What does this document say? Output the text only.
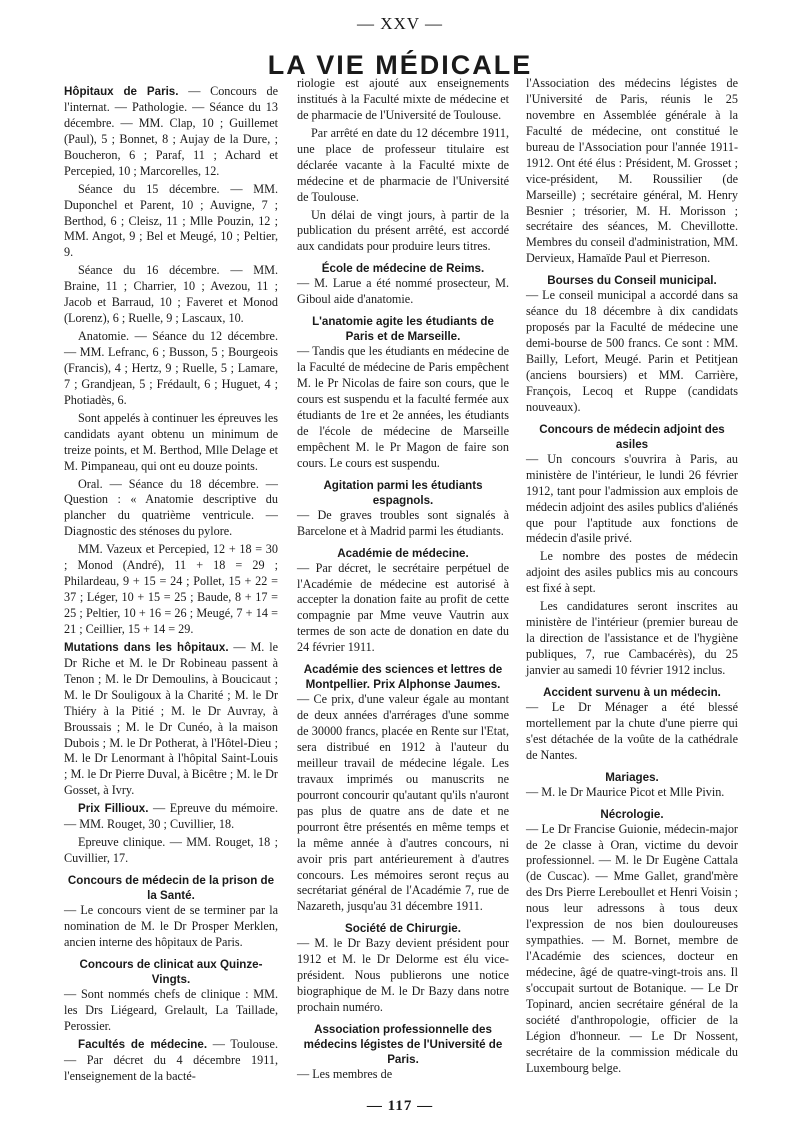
— XXV —
LA VIE MÉDICALE

Hôpitaux de Paris. — Concours de l'internat. — Pathologie. — Séance du 13 décembre. — MM. Clap, 10 ; Guillemet (Paul), 5 ; Bonnet, 8 ; Aujay de la Dure, ; Boucheron, 6 ; Paraf, 11 ; Achard et Percepied, 10 ; Marcorelles, 12.

Séance du 15 décembre. — MM. Duponchel et Parent, 10 ; Auvigne, 7 ; Berthod, 6 ; Cleisz, 11 ; Mlle Pouzin, 12 ; MM. Angot, 9 ; Bel et Meugé, 10 ; Peltier, 9.

Séance du 16 décembre. — MM. Braine, 11 ; Charrier, 10 ; Avezou, 11 ; Jacob et Barraud, 10 ; Faveret et Monod (Lorenz), 6 ; Ruelle, 9 ; Lascaux, 10.

Anatomie. — Séance du 12 décembre. — MM. Lefranc, 6 ; Busson, 5 ; Bourgeois (Francis), 4 ; Hertz, 9 ; Ruelle, 5 ; Lamare, 7 ; Grandjean, 5 ; Frédault, 6 ; Huguet, 4 ; Photiadès, 6.

Sont appelés à continuer les épreuves les candidats ayant obtenu un minimum de treize points, et M. Berthod, Mlle Delage et M. Pimpaneau, qui ont eu douze points.

Oral. — Séance du 18 décembre. — Question : « Anatomie descriptive du plancher du quatrième ventricule. — Diagnostic des sténoses du pylore.

MM. Vazeux et Percepied, 12 + 18 = 30 ; Monod (André), 11 + 18 = 29 ; Philardeau, 9 + 15 = 24 ; Pollet, 15 + 22 = 37 ; Léger, 10 + 15 = 25 ; Baude, 8 + 17 = 25 ; Peltier, 10 + 16 = 26 ; Meugé, 7 + 14 = 21 ; Ceillier, 15 + 14 = 29.

Mutations dans les hôpitaux. — M. le Dr Riche et M. le Dr Robineau passent à Tenon ; M. le Dr Demoulins, à Boucicaut ; M. le Dr Souligoux à la Charité ; M. le Dr Thiéry à la Pitié ; M. le Dr Auvray, à Broussais ; M. le Dr Cunéo, à la maison Dubois ; M. le Dr Potherat, à l'Hôtel-Dieu ; M. le Dr Lenormant à l'hôpital Saint-Louis ; M. le Dr Pierre Duval, à Bicêtre ; M. le Dr Gosset, à Ivry.

Prix Fillioux. — Epreuve du mémoire. — MM. Rouget, 30 ; Cuvillier, 18.

Epreuve clinique. — MM. Rouget, 18 ; Cuvillier, 17.

Concours de médecin de la prison de la Santé.

— Le concours vient de se terminer par la nomination de M. le Dr Prosper Merklen, ancien interne des hôpitaux de Paris.

Concours de clinicat aux Quinze-Vingts.

— Sont nommés chefs de clinique : MM. les Drs Liégeard, Grelault, La Taillade, Perossier.

Facultés de médecine. — Toulouse. — Par décret du 4 décembre 1911, l'enseignement de la bacté-

riologie est ajouté aux enseignements institués à la Faculté mixte de médecine et de pharmacie de l'Université de Toulouse.

Par arrêté en date du 12 décembre 1911, une place de professeur titulaire est déclarée vacante à la Faculté mixte de médecine et de pharmacie de l'Université de Toulouse.

Un délai de vingt jours, à partir de la publication du présent arrêté, est accordé aux candidats pour produire leurs titres.

École de médecine de Reims.

— M. Larue a été nommé prosecteur, M. Giboul aide d'anatomie.

L'anatomie agite les étudiants de Paris et de Marseille.

— Tandis que les étudiants en médecine de la Faculté de médecine de Paris empêchent M. le Pr Nicolas de faire son cours, que le cours est suspendu et la faculté fermée aux étudiants de 1re et 2e années, les étudiants de l'école de médecine de Marseille empêchent M. le Pr Magon de faire son cours. Le cours est suspendu.

Agitation parmi les étudiants espagnols.

— De graves troubles sont signalés à Barcelone et à Madrid parmi les étudiants.

Académie de médecine.

— Par décret, le secrétaire perpétuel de l'Académie de médecine est autorisé à accepter la donation faite au profit de cette compagnie par Mme veuve Vautrin aux termes de son acte de donation en date du 24 février 1911.

Académie des sciences et lettres de Montpellier. Prix Alphonse Jaumes.

— Ce prix, d'une valeur égale au montant de deux années d'arrérages d'une somme de 30000 francs, placée en Rente sur l'Etat, sera distribué en 1912 à l'auteur du meilleur travail de médecine légale. Les travaux imprimés ou manuscrits ne pourront concourir qu'autant qu'ils n'auront pas plus de quatre ans de date et ne pourront être présentés en même temps et la même année à d'autres concours, ni avoir pris part antérieurement à d'autres concours. Les mémoires seront reçus au secrétariat général de l'Académie 7, rue de Nazareth, jusqu'au 31 décembre 1911.

Société de Chirurgie.

— M. le Dr Bazy devient président pour 1912 et M. le Dr Delorme est élu vice-président. Nous publierons une notice biographique de M. le Dr Bazy dans notre prochain numéro.

Association professionnelle des médecins légistes de l'Université de Paris.

— Les membres de

l'Association des médecins légistes de l'Université de Paris, réunis le 25 novembre en Assemblée générale à la Faculté de médecine, ont constitué le bureau de l'Association pour l'année 1911-1912. Ont été élus : Président, M. Grosset ; vice-président, M. Roussilier (de Marseille) ; secrétaire général, M. Henry Besnier ; trésorier, M. H. Morisson ; secrétaire des séances, M. Chevillotte. Membres du conseil d'administration, MM. Dervieux, Hamaïde Paul et Pierreson.

Bourses du Conseil municipal.

— Le conseil municipal a accordé dans sa séance du 18 décembre à dix candidats proposés par la Faculté de médecine une demi-bourse de 500 francs. Ce sont : MM. Bailly, Lefort, Meugé. Parin et Petitjean (anciens boursiers) et MM. Carrière, François, Lecoq et Ruppe (candidats nouveaux).

Concours de médecin adjoint des asiles

— Un concours s'ouvrira à Paris, au ministère de l'intérieur, le lundi 26 février 1912, tant pour l'admission aux emplois de médecin adjoint des asiles publics d'aliénés que pour l'aptitude aux fonctions de médecin d'asile privé.

Le nombre des postes de médecin adjoint des asiles publics mis au concours est fixé à sept.

Les candidatures seront inscrites au ministère de l'intérieur (premier bureau de la direction de l'assistance et de l'hygiène publiques, 7, rue Cambacérès), du 25 janvier au samedi 10 février 1912 inclus.

Accident survenu à un médecin.

— Le Dr Ménager a été blessé mortellement par la chute d'une pierre qui s'est détachée de la voûte de la cathédrale de Nantes.

Mariages.

— M. le Dr Maurice Picot et Mlle Pivin.

Nécrologie.

— Le Dr Francise Guionie, médecin-major de 2e classe à Oran, victime du devoir professionnel. — M. le Dr Eugène Cattala (de Cuscac). — Mme Gallet, grand'mère des Drs Pierre Lereboullet et Henri Voisin ; nous leur adressons à tous deux l'expression de nos bien douloureuses sympathies. — M. Bornet, membre de l'Académie des sciences, docteur en médecine, âgé de quatre-vingt-trois ans. Il s'occupait surtout de Botanique. — Le Dr Topinard, ancien secrétaire général de la société d'anthropologie, officier de la Légion d'honneur. — Le Dr Nossent, secrétaire de la commission médicale du Luxembourg belge.

— 117 —
